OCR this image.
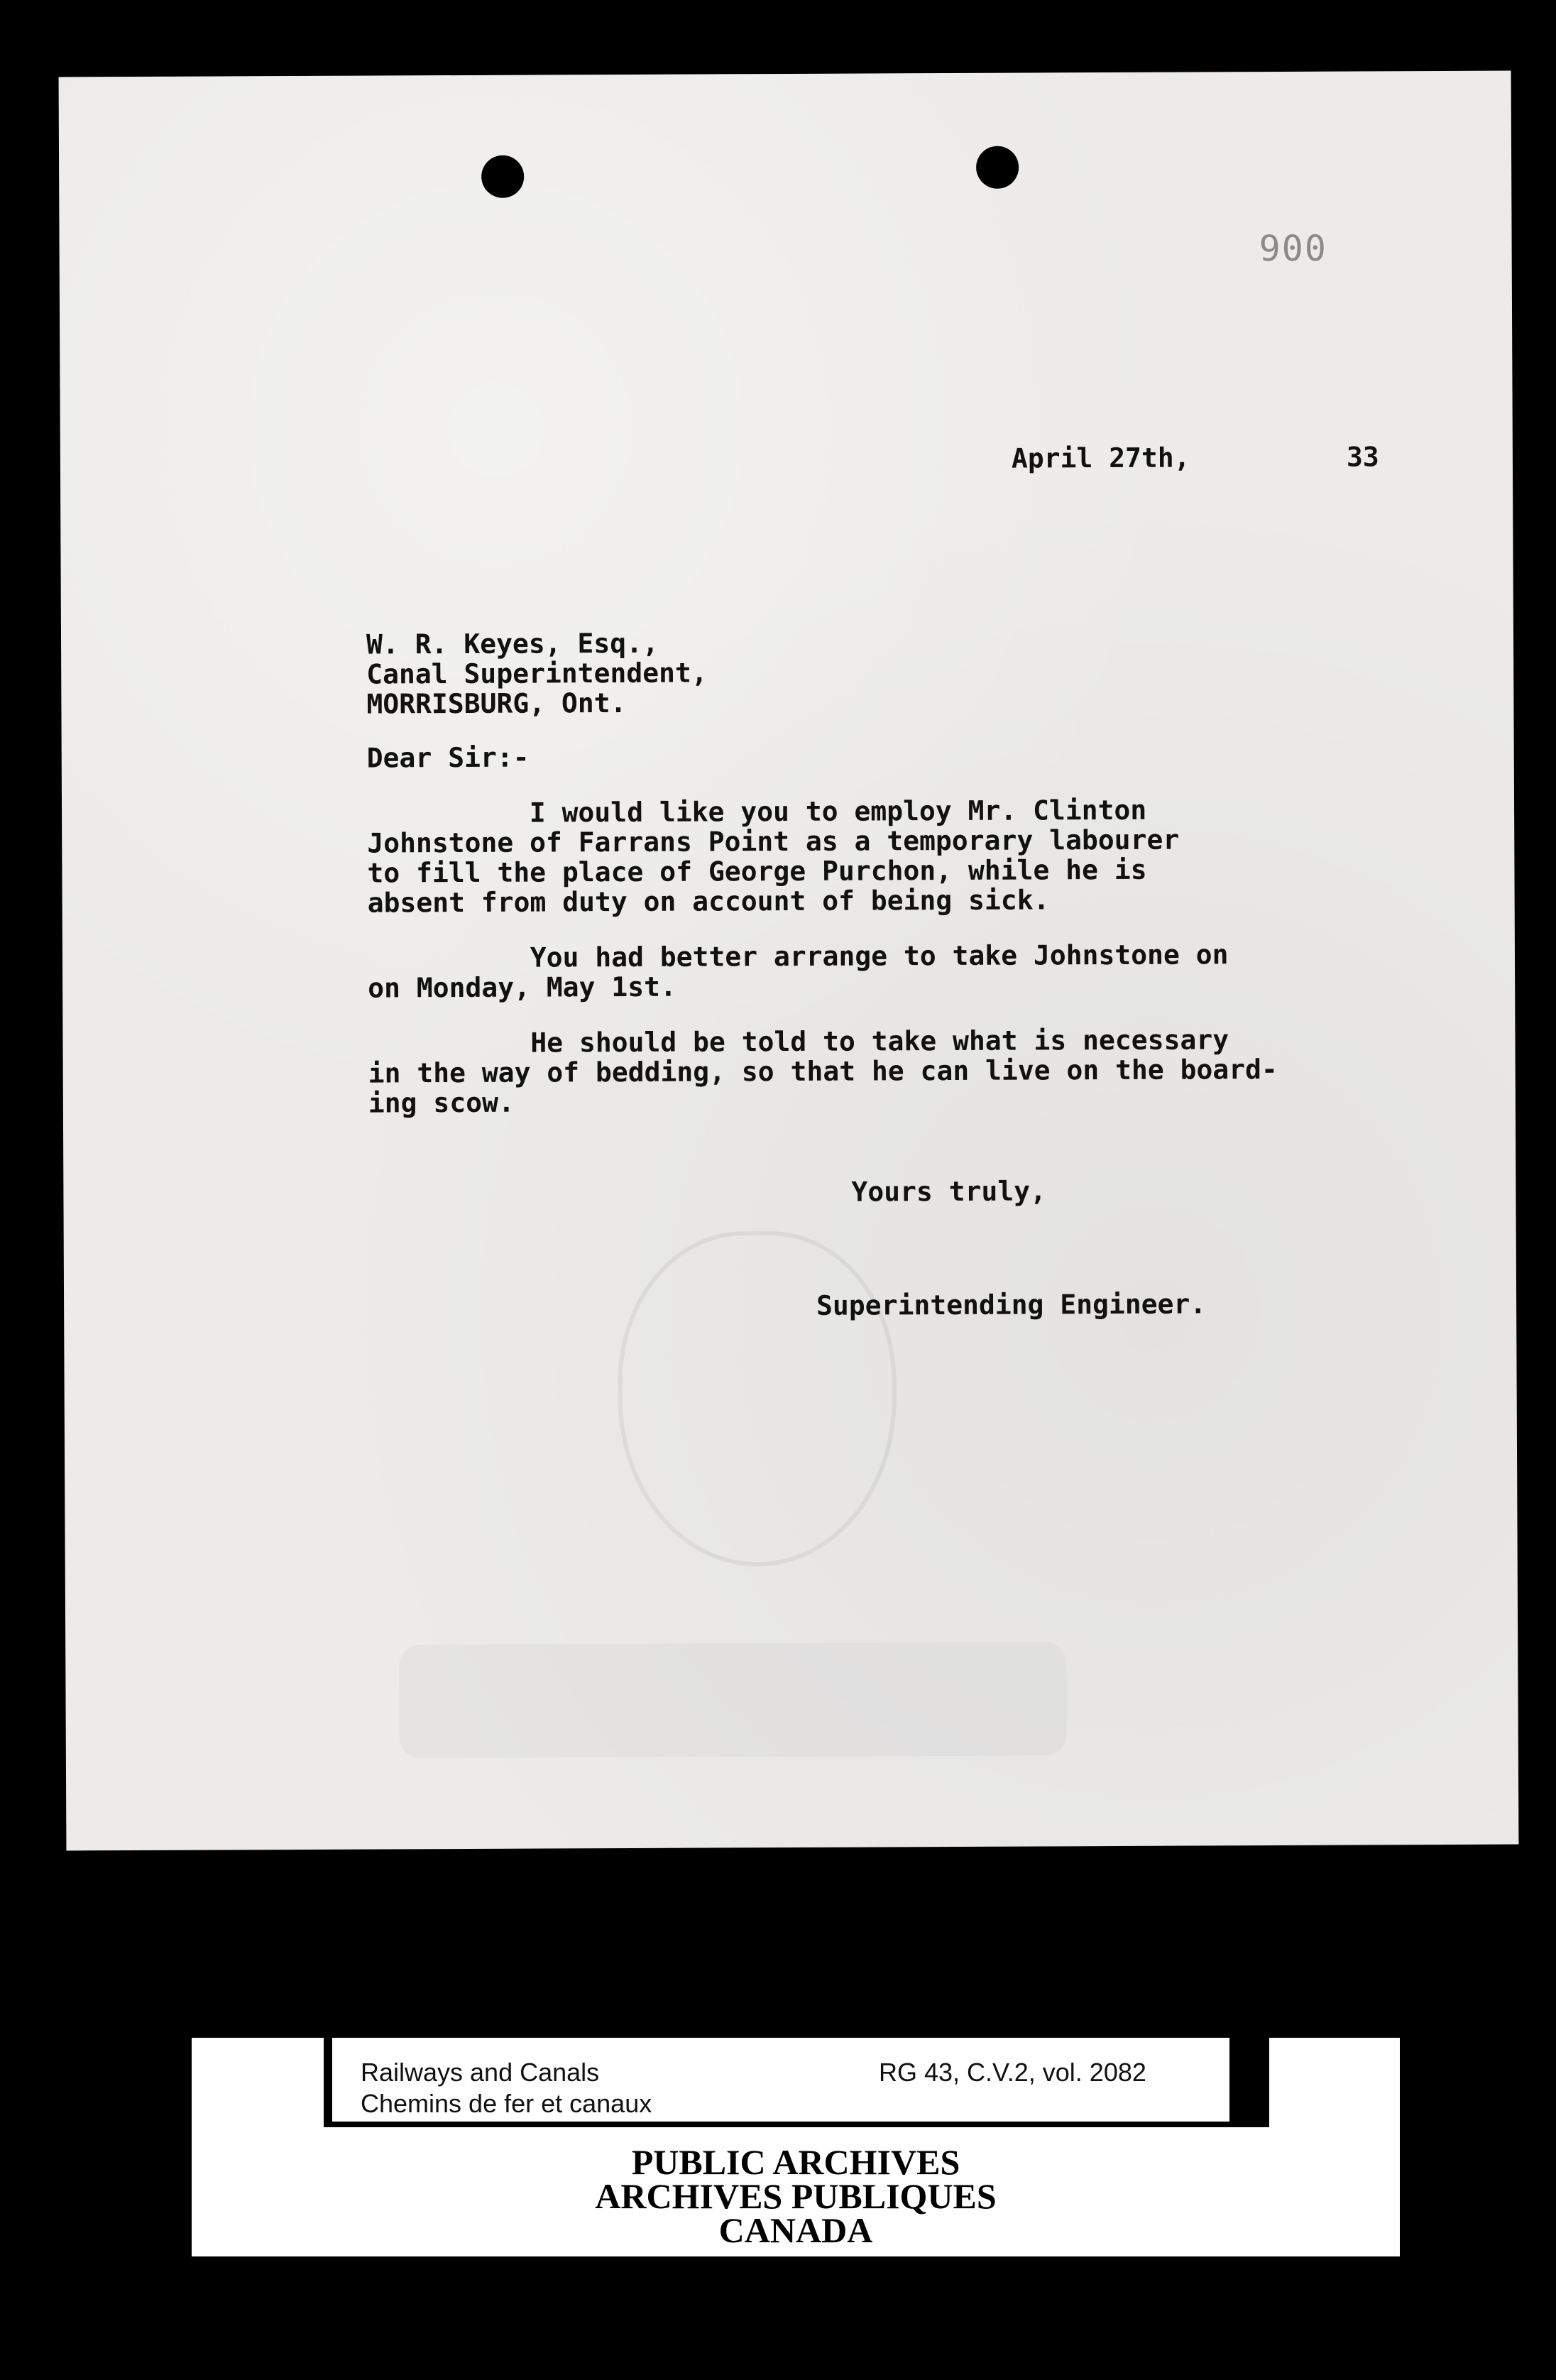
900
April 27th,	33
W. R. Keyes, Esq.,
Canal Superintendent,
MORRISBURG, Ont.
Dear Sir:-
I would like you to employ Mr. Clinton
Johnstone of Farrans Point as a temporary labourer
to fill the place of George Purchon, while he is
absent from duty on account of being sick.
You had better arrange to take Johnstone on
on Monday, May 1st.
He should be told to take what is necessary
in the way of bedding, so that he can live on the board-
ing scow.
Yours truly,
Superintending Engineer.
Railways and Canals
Chemins de fer et canaux
RG 43, C.V.2, vol. 2082
PUBLIC ARCHIVES
ARCHIVES PUBLIQUES
CANADA
